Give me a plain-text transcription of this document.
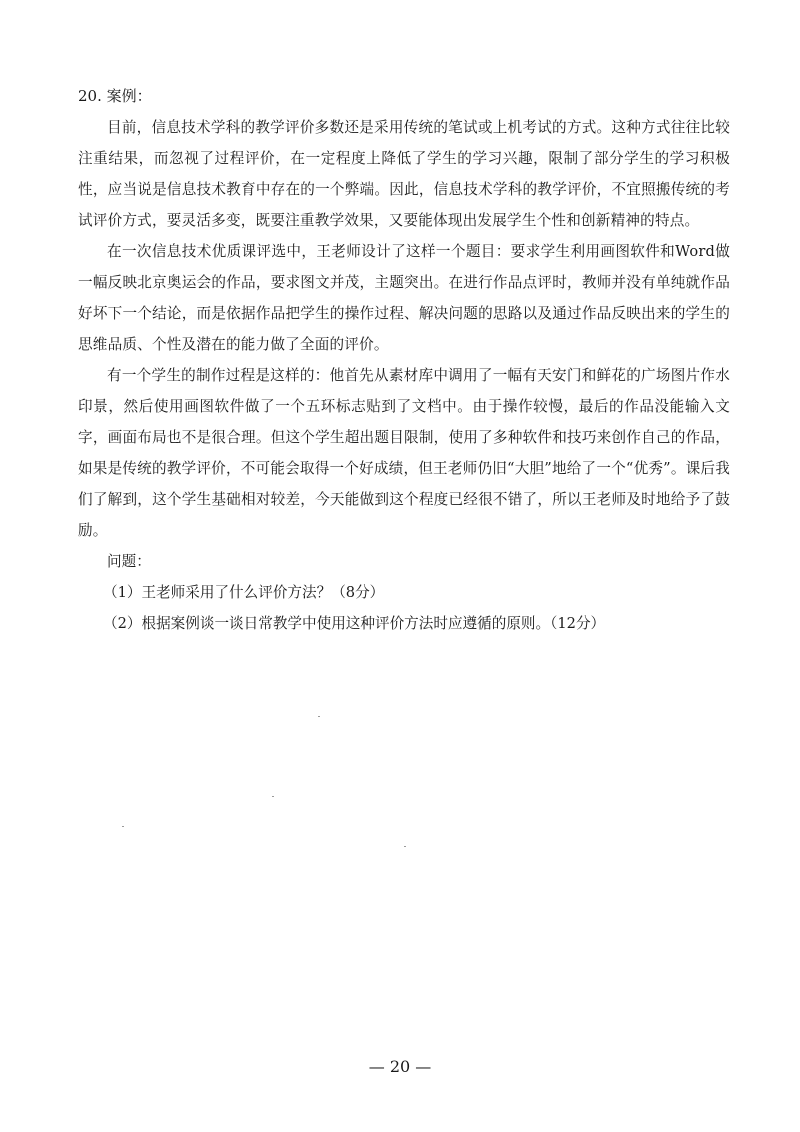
20. 案例：

目前，信息技术学科的教学评价多数还是采用传统的笔试或上机考试的方式。这种方式往往比较注重结果，而忽视了过程评价，在一定程度上降低了学生的学习兴趣，限制了部分学生的学习积极性，应当说是信息技术教育中存在的一个弊端。因此，信息技术学科的教学评价，不宜照搬传统的考试评价方式，要灵活多变，既要注重教学效果，又要能体现出发展学生个性和创新精神的特点。

在一次信息技术优质课评选中，王老师设计了这样一个题目：要求学生利用画图软件和Word做一幅反映北京奥运会的作品，要求图文并茂，主题突出。在进行作品点评时，教师并没有单纯就作品好坏下一个结论，而是依据作品把学生的操作过程、解决问题的思路以及通过作品反映出来的学生的思维品质、个性及潜在的能力做了全面的评价。

有一个学生的制作过程是这样的：他首先从素材库中调用了一幅有天安门和鲜花的广场图片作水印景，然后使用画图软件做了一个五环标志贴到了文档中。由于操作较慢，最后的作品没能输入文字，画面布局也不是很合理。但这个学生超出题目限制，使用了多种软件和技巧来创作自己的作品，如果是传统的教学评价，不可能会取得一个好成绩，但王老师仍旧“大胆”地给了一个“优秀”。课后我们了解到，这个学生基础相对较差，今天能做到这个程度已经很不错了，所以王老师及时地给予了鼓励。

问题：

（1）王老师采用了什么评价方法？（8分）

（2）根据案例谈一谈日常教学中使用这种评价方法时应遵循的原则。（12分）

— 20 —
